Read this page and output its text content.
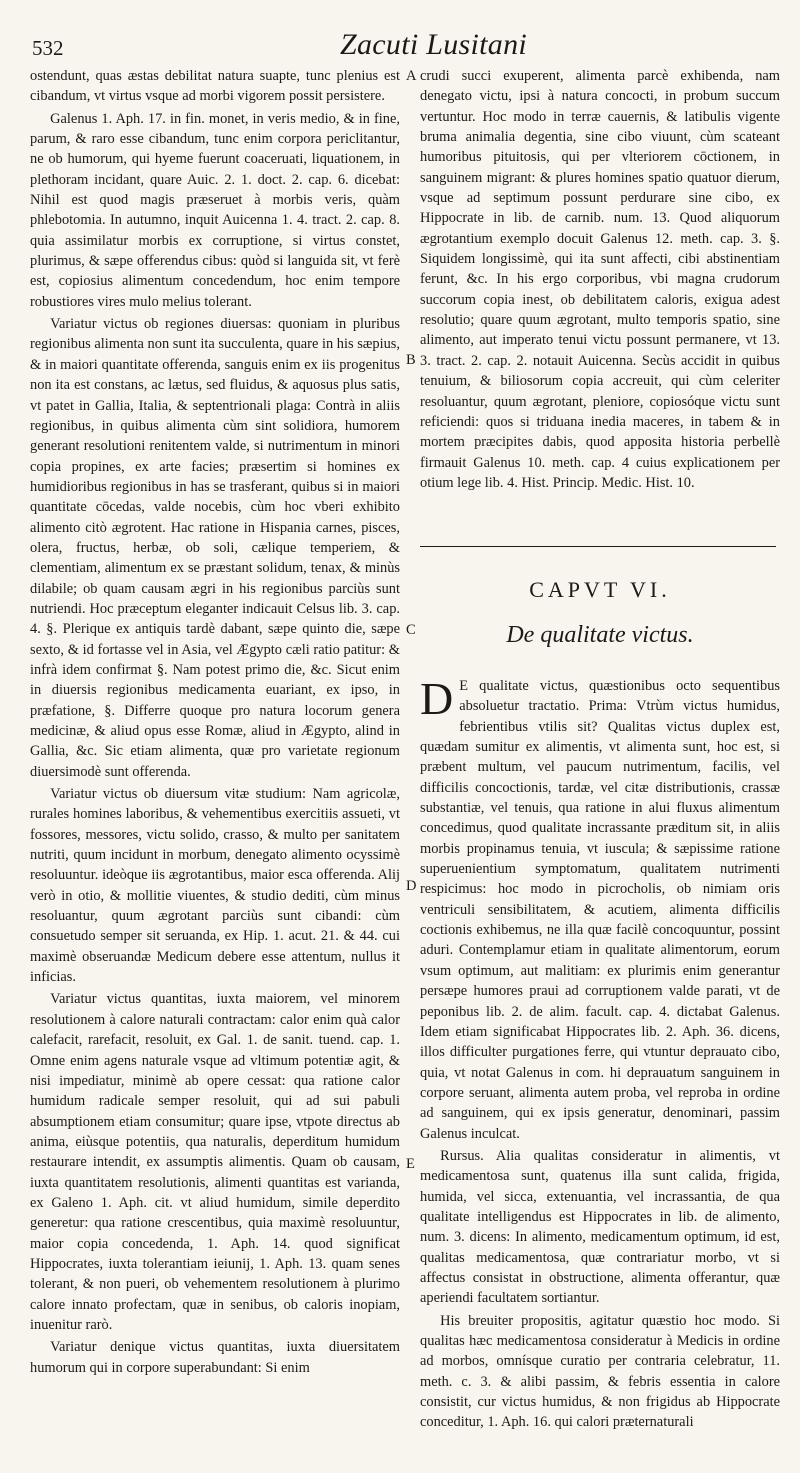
532	Zacuti Lusitani

ostendunt, quas æstas debilitat natura suapte, tunc plenius est cibandum, vt virtus vsque ad morbi vigorem possit persistere.

Galenus 1. Aph. 17. in fin. monet, in veris medio, & in fine, parum, & raro esse cibandum, tunc enim corpora periclitantur, ne ob humorum, qui hyeme fuerunt coaceruati, liquationem, in plethoram incidant, quare Auic. 2. 1. doct. 2. cap. 6. dicebat: Nihil est quod magis præseruet à morbis veris, quàm phlebotomia. In autumno, inquit Auicenna 1. 4. tract. 2. cap. 8. quia assimilatur morbis ex corruptione, si virtus constet, plurimus, & sæpe offerendus cibus: quòd si languida sit, vt ferè est, copiosius alimentum concedendum, hoc enim tempore robustiores vires mulo melius tolerant.

Variatur victus ob regiones diuersas: quoniam in pluribus regionibus alimenta non sunt ita succulenta, quare in his sæpius, & in maiori quantitate offerenda, sanguis enim ex iis progenitus non ita est constans, ac lætus, sed fluidus, & aquosus plus satis, vt patet in Gallia, Italia, & septentrionali plaga: Contrà in aliis regionibus, in quibus alimenta cùm sint solidiora, humorem generant resolutioni renitentem valde, si nutrimentum in minori copia propines, ex arte facies; præsertim si homines ex humidioribus regionibus in has se trasferant, quibus si in maiori quantitate cōcedas, valde nocebis, cùm hoc vberi exhibito alimento citò ægrotent. Hac ratione in Hispania carnes, pisces, olera, fructus, herbæ, ob soli, cælique temperiem, & clementiam, alimentum ex se præstant solidum, tenax, & minùs dilabile; ob quam causam ægri in his regionibus parciùs sunt nutriendi. Hoc præceptum eleganter indicauit Celsus lib. 3. cap. 4. §. Plerique ex antiquis tardè dabant, sæpe quinto die, sæpe sexto, & id fortasse vel in Asia, vel Ægypto cæli ratio patitur: & infrà idem confirmat §. Nam potest primo die, &c. Sicut enim in diuersis regionibus medicamenta euariant, ex ipso, in præfatione, §. Differre quoque pro natura locorum genera medicinæ, & aliud opus esse Romæ, aliud in Ægypto, alind in Gallia, &c. Sic etiam alimenta, quæ pro varietate regionum diuersimodè sunt offerenda.

Variatur victus ob diuersum vitæ studium: Nam agricolæ, rurales homines laboribus, & vehementibus exercitiis assueti, vt fossores, messores, victu solido, crasso, & multo per sanitatem nutriti, quum incidunt in morbum, denegato alimento ocyssimè resoluuntur. ideòque iis ægrotantibus, maior esca offerenda. Alij verò in otio, & mollitie viuentes, & studio dediti, cùm minus resoluantur, quum ægrotant parciùs sunt cibandi: cùm consuetudo semper sit seruanda, ex Hip. 1. acut. 21. & 44. cui maximè obseruandæ Medicum debere esse attentum, nullus it inficias.

Variatur victus quantitas, iuxta maiorem, vel minorem resolutionem à calore naturali contractam: calor enim quà calor calefacit, rarefacit, resoluit, ex Gal. 1. de sanit. tuend. cap. 1. Omne enim agens naturale vsque ad vltimum potentiæ agit, & nisi impediatur, minimè ab opere cessat: qua ratione calor humidum radicale semper resoluit, qui ad sui pabuli absumptionem etiam consumitur; quare ipse, vtpote directus ab anima, eiùsque potentiis, qua naturalis, deperditum humidum restaurare intendit, ex assumptis alimentis. Quam ob causam, iuxta quantitatem resolutionis, alimenti quantitas est varianda, ex Galeno 1. Aph. cit. vt aliud humidum, simile deperdito generetur: qua ratione crescentibus, quia maximè resoluuntur, maior copia concedenda, 1. Aph. 14. quod significat Hippocrates, iuxta tolerantiam ieiunij, 1. Aph. 13. quam senes tolerant, & non pueri, ob vehementem resolutionem à plurimo calore innato profectam, quæ in senibus, ob caloris inopiam, inuenitur rarò.

Variatur denique victus quantitas, iuxta diuersitatem humorum qui in corpore superabundant: Si enim

A
B
C
D
E

crudi succi exuperent, alimenta parcè exhibenda, nam denegato victu, ipsi à natura concocti, in probum succum vertuntur. Hoc modo in terræ cauernis, & latibulis vigente bruma animalia degentia, sine cibo viuunt, cùm scateant humoribus pituitosis, qui per vlteriorem cōctionem, in sanguinem migrant: & plures homines spatio quatuor dierum, vsque ad septimum possunt perdurare sine cibo, ex Hippocrate in lib. de carnib. num. 13. Quod aliquorum ægrotantium exemplo docuit Galenus 12. meth. cap. 3. §. Siquidem longissimè, qui ita sunt affecti, cibi abstinentiam ferunt, &c. In his ergo corporibus, vbi magna crudorum succorum copia inest, ob debilitatem caloris, exigua adest resolutio; quare quum ægrotant, multo temporis spatio, sine alimento, aut imperato tenui victu possunt permanere, vt 13. 3. tract. 2. cap. 2. notauit Auicenna. Secùs accidit in quibus tenuium, & biliosorum copia accreuit, qui cùm celeriter resoluantur, quum ægrotant, pleniore, copiosóque victu sunt reficiendi: quos si triduana inedia maceres, in tabem & in mortem præcipites dabis, quod apposita historia perbellè firmauit Galenus 10. meth. cap. 4 cuius explicationem per otium lege lib. 4. Hist. Princip. Medic. Hist. 10.

CAPVT VI.
De qualitate victus.

D E qualitate victus, quæstionibus octo sequentibus absoluetur tractatio. Prima: Vtrùm victus humidus, febrientibus vtilis sit? Qualitas victus duplex est, quædam sumitur ex alimentis, vt alimenta sunt, hoc est, si præbent multum, vel paucum nutrimentum, facilis, vel difficilis concoctionis, tardæ, vel citæ distributionis, crassæ substantiæ, vel tenuis, qua ratione in alui fluxus alimentum concedimus, quod qualitate incrassante præditum sit, in aliis morbis propinamus tenuia, vt iuscula; & sæpissime ratione superuenientium symptomatum, qualitatem nutrimenti respicimus: hoc modo in picrocholis, ob nimiam oris ventriculi sensibilitatem, & acutiem, alimenta difficilis coctionis exhibemus, ne illa quæ facilè concoquuntur, possint aduri. Contemplamur etiam in qualitate alimentorum, eorum vsum optimum, aut malitiam: ex plurimis enim generantur persæpe humores praui ad corruptionem valde parati, vt de peponibus lib. 2. de alim. facult. cap. 4. dictabat Galenus. Idem etiam significabat Hippocrates lib. 2. Aph. 36. dicens, illos difficulter purgationes ferre, qui vtuntur deprauato cibo, quia, vt notat Galenus in com. hi deprauatum sanguinem in corpore seruant, alimenta autem proba, vel reproba in ordine ad sanguinem, qui ex ipsis generatur, denominari, passim Galenus inculcat.

Rursus. Alia qualitas consideratur in alimentis, vt medicamentosa sunt, quatenus illa sunt calida, frigida, humida, vel sicca, extenuantia, vel incrassantia, de qua qualitate intelligendus est Hippocrates in lib. de alimento, num. 3. dicens: In alimento, medicamentum optimum, id est, qualitas medicamentosa, quæ contrariatur morbo, vt si affectus consistat in obstructione, alimenta offerantur, quæ aperiendi facultatem sortiantur.

His breuiter propositis, agitatur quæstio hoc modo. Si qualitas hæc medicamentosa consideratur à Medicis in ordine ad morbos, omnísque curatio per contraria celebratur, 11. meth. c. 3. & alibi passim, & febris essentia in calore consistit, cur victus humidus, & non frigidus ab Hippocrate conceditur, 1. Aph. 16. qui calori præternaturali
